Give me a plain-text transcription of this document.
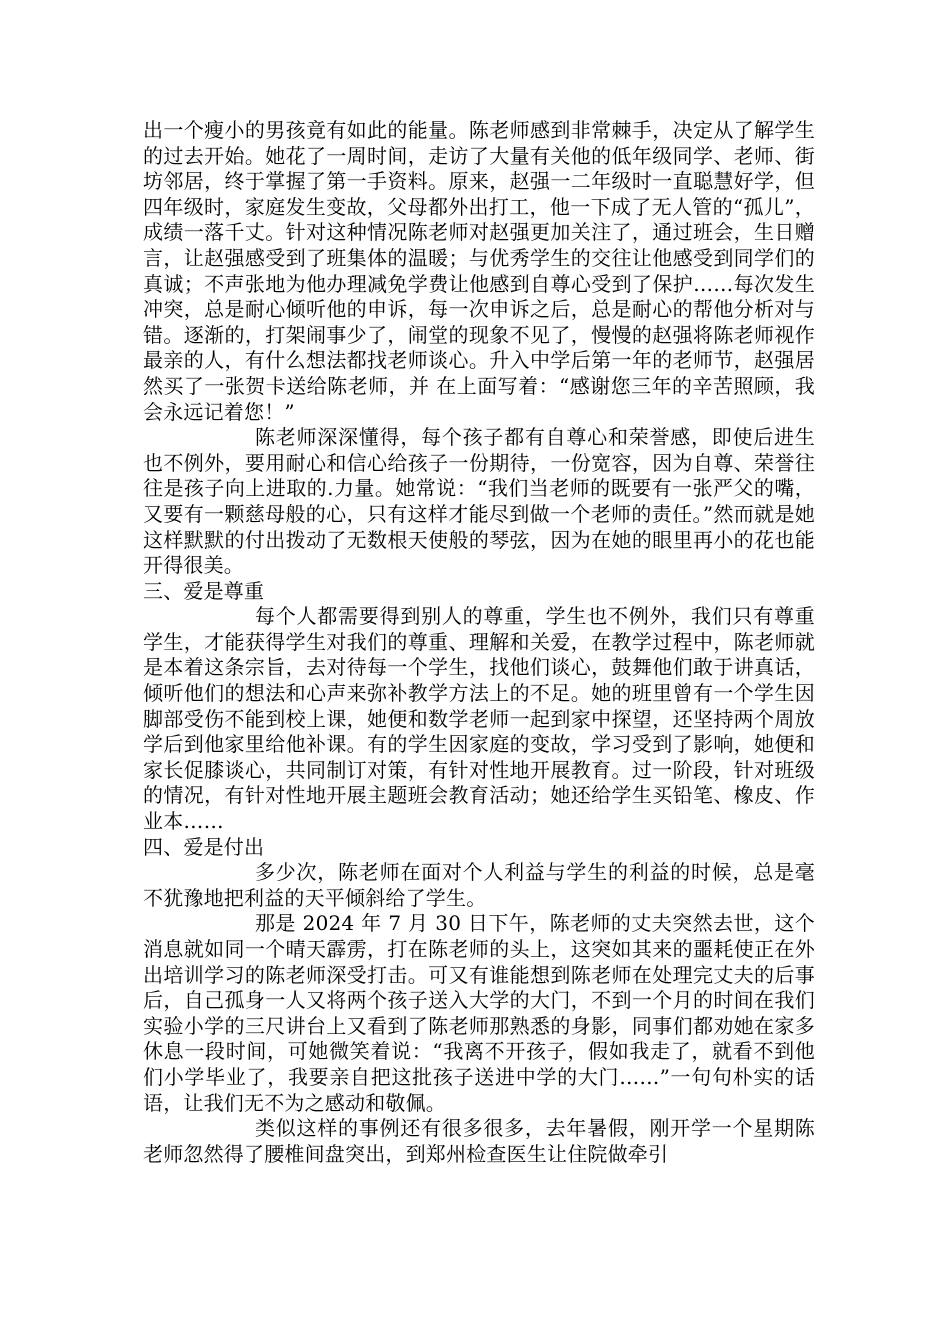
出一个瘦小的男孩竟有如此的能量。陈老师感到非常棘手，决定从了解学生的过去开始。她花了一周时间，走访了大量有关他的低年级同学、老师、街坊邻居，终于掌握了第一手资料。原来，赵强一二年级时一直聪慧好学，但四年级时，家庭发生变故，父母都外出打工，他一下成了无人管的“孤儿”，成绩一落千丈。针对这种情况陈老师对赵强更加关注了，通过班会，生日赠言，让赵强感受到了班集体的温暖；与优秀学生的交往让他感受到同学们的真诚；不声张地为他办理减免学费让他感到自尊心受到了保护……每次发生冲突，总是耐心倾听他的申诉，每一次申诉之后，总是耐心的帮他分析对与错。逐渐的，打架闹事少了，闹堂的现象不见了，慢慢的赵强将陈老师视作最亲的人，有什么想法都找老师谈心。升入中学后第一年的老师节，赵强居然买了一张贺卡送给陈老师，并 在上面写着：“感谢您三年的辛苦照顾，我会永远记着您！”

陈老师深深懂得，每个孩子都有自尊心和荣誉感，即使后进生也不例外，要用耐心和信心给孩子一份期待，一份宽容，因为自尊、荣誉往往是孩子向上进取的.力量。她常说：“我们当老师的既要有一张严父的嘴，又要有一颗慈母般的心，只有这样才能尽到做一个老师的责任。”然而就是她这样默默的付出拨动了无数根天使般的琴弦，因为在她的眼里再小的花也能开得很美。

三、爱是尊重

每个人都需要得到别人的尊重，学生也不例外，我们只有尊重学生，才能获得学生对我们的尊重、理解和关爱，在教学过程中，陈老师就是本着这条宗旨，去对待每一个学生，找他们谈心，鼓舞他们敢于讲真话，倾听他们的想法和心声来弥补教学方法上的不足。她的班里曾有一个学生因脚部受伤不能到校上课，她便和数学老师一起到家中探望，还坚持两个周放学后到他家里给他补课。有的学生因家庭的变故，学习受到了影响，她便和家长促膝谈心，共同制订对策，有针对性地开展教育。过一阶段，针对班级的情况，有针对性地开展主题班会教育活动；她还给学生买铅笔、橡皮、作业本……

四、爱是付出

多少次，陈老师在面对个人利益与学生的利益的时候，总是毫不犹豫地把利益的天平倾斜给了学生。

那是 2024 年 7 月 30 日下午，陈老师的丈夫突然去世，这个消息就如同一个晴天霹雳，打在陈老师的头上，这突如其来的噩耗使正在外出培训学习的陈老师深受打击。可又有谁能想到陈老师在处理完丈夫的后事后，自己孤身一人又将两个孩子送入大学的大门，不到一个月的时间在我们实验小学的三尺讲台上又看到了陈老师那熟悉的身影，同事们都劝她在家多休息一段时间，可她微笑着说：“我离不开孩子，假如我走了，就看不到他们小学毕业了，我要亲自把这批孩子送进中学的大门……”一句句朴实的话语，让我们无不为之感动和敬佩。

类似这样的事例还有很多很多，去年暑假，刚开学一个星期陈老师忽然得了腰椎间盘突出，到郑州检查医生让住院做牵引
